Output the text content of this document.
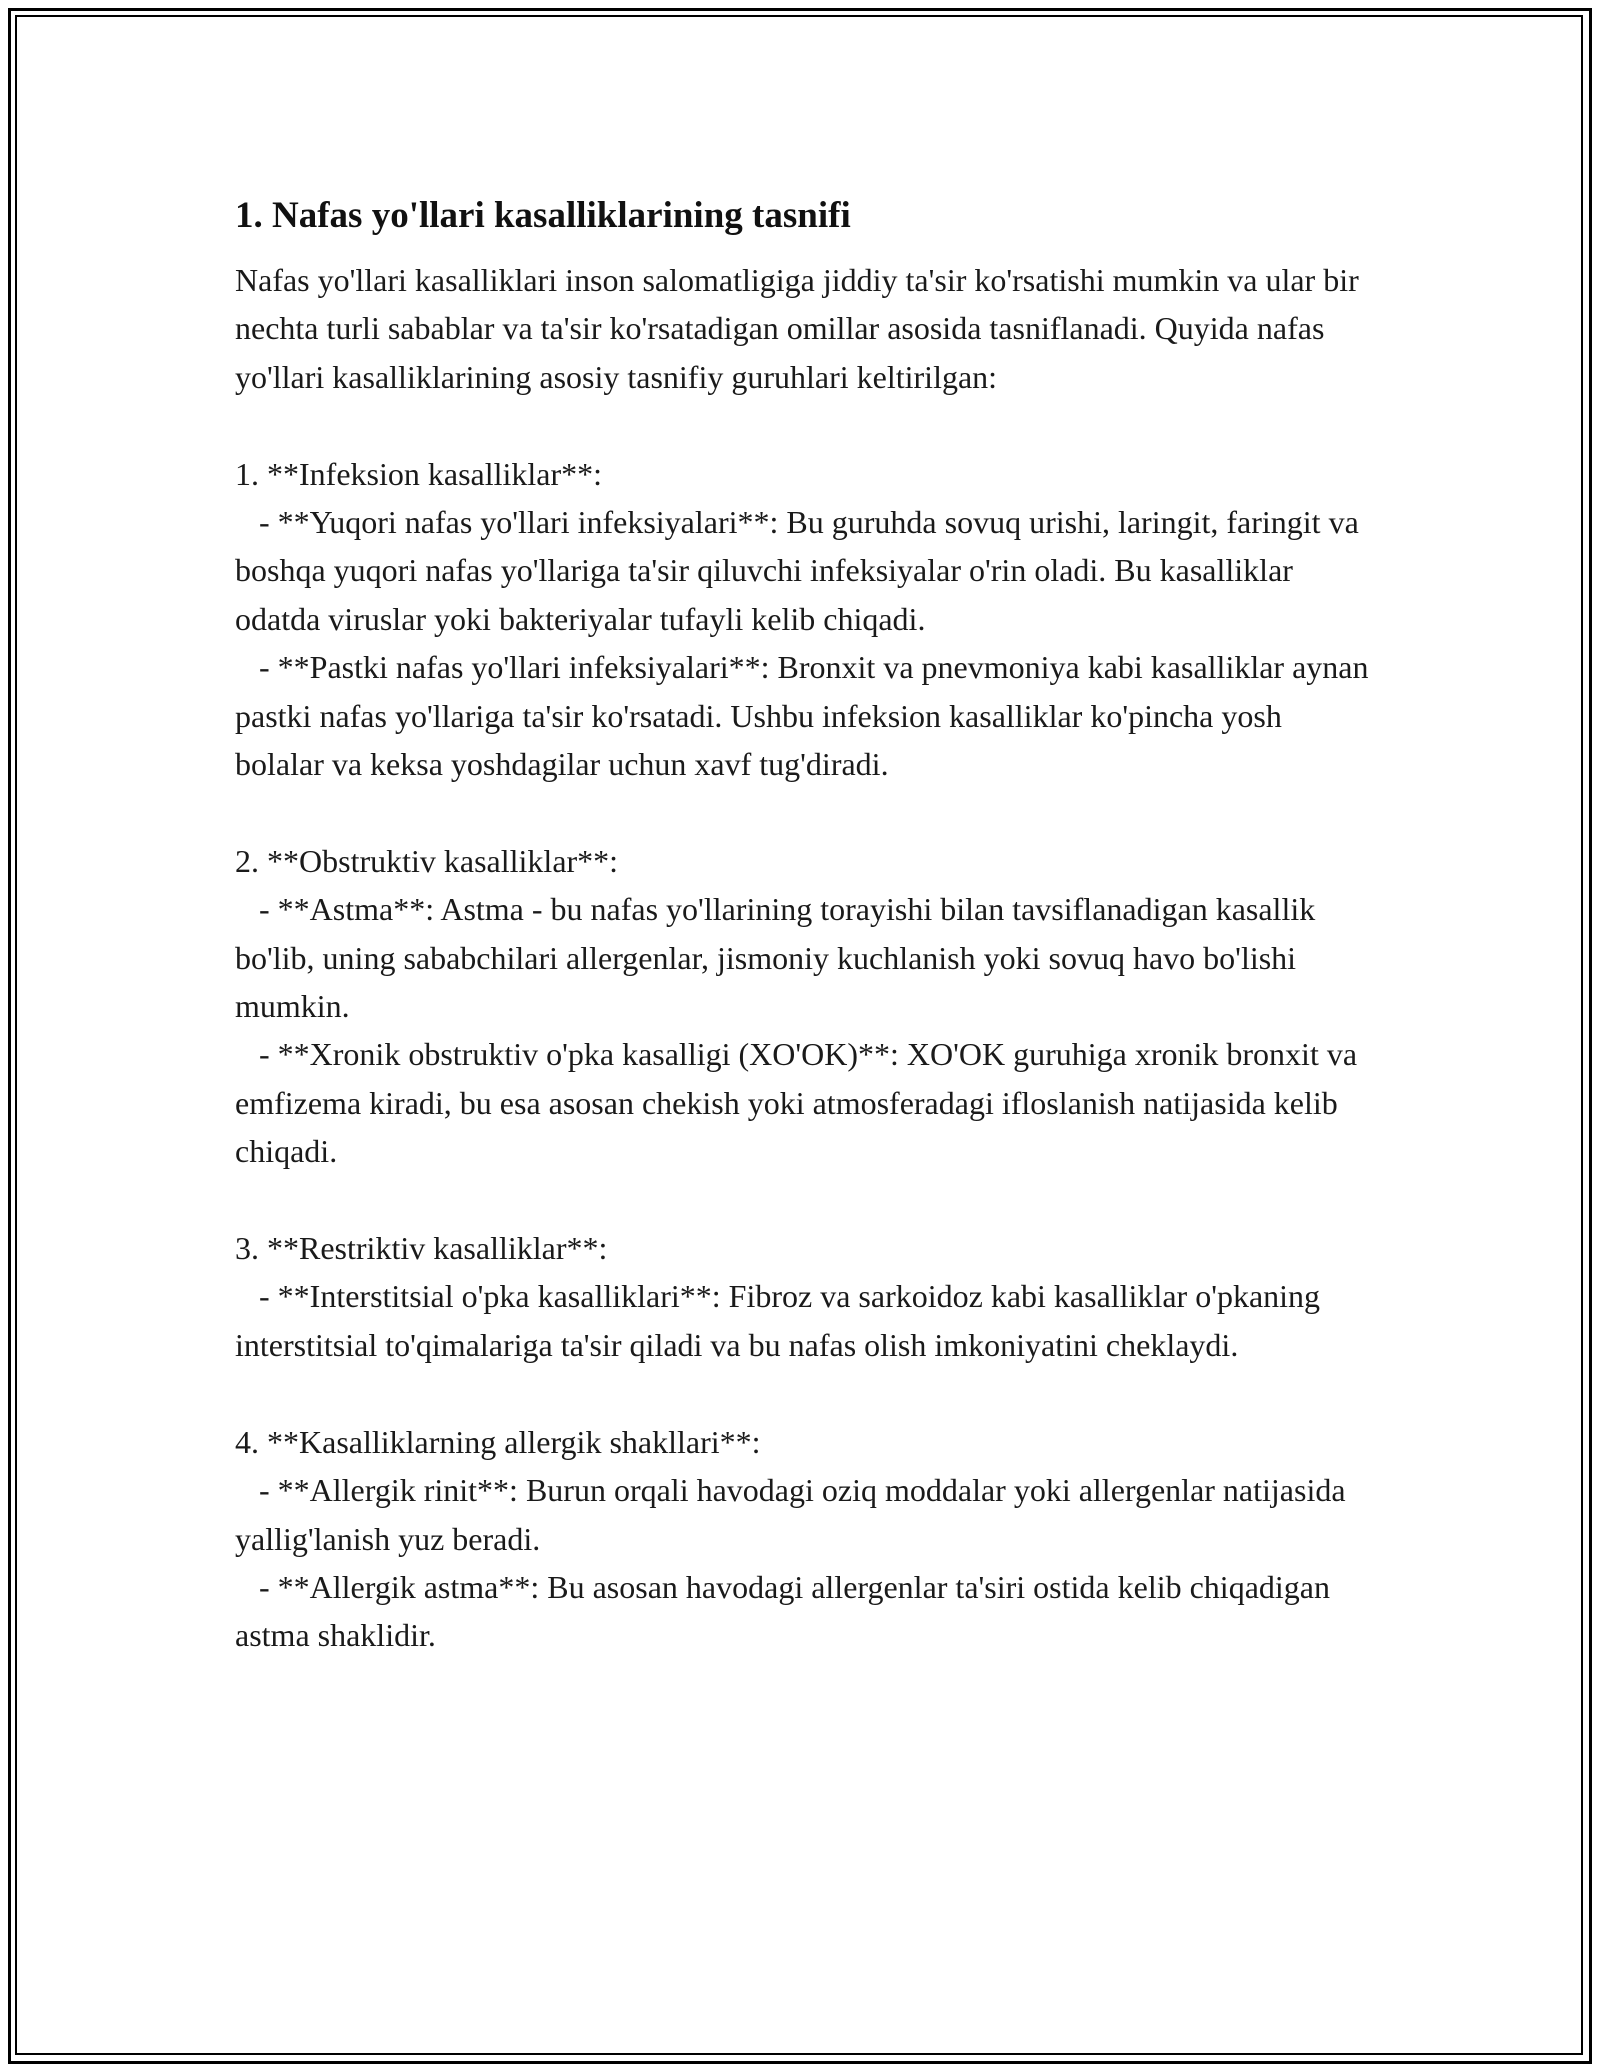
1. Nafas yo'llari kasalliklarining tasnifi

Nafas yo'llari kasalliklari inson salomatligiga jiddiy ta'sir ko'rsatishi mumkin va ular bir nechta turli sabablar va ta'sir ko'rsatadigan omillar asosida tasniflanadi. Quyida nafas yo'llari kasalliklarining asosiy tasnifiy guruhlari keltirilgan:

1. **Infeksion kasalliklar**:

- **Yuqori nafas yo'llari infeksiyalari**: Bu guruhda sovuq urishi, laringit, faringit va boshqa yuqori nafas yo'llariga ta'sir qiluvchi infeksiyalar o'rin oladi. Bu kasalliklar odatda viruslar yoki bakteriyalar tufayli kelib chiqadi.

- **Pastki nafas yo'llari infeksiyalari**: Bronxit va pnevmoniya kabi kasalliklar aynan pastki nafas yo'llariga ta'sir ko'rsatadi. Ushbu infeksion kasalliklar ko'pincha yosh bolalar va keksa yoshdagilar uchun xavf tug'diradi.

2. **Obstruktiv kasalliklar**:

- **Astma**: Astma - bu nafas yo'llarining torayishi bilan tavsiflanadigan kasallik bo'lib, uning sababchilari allergenlar, jismoniy kuchlanish yoki sovuq havo bo'lishi mumkin.

- **Xronik obstruktiv o'pka kasalligi (XO'OK)**: XO'OK guruhiga xronik bronxit va emfizema kiradi, bu esa asosan chekish yoki atmosferadagi ifloslanish natijasida kelib chiqadi.

3. **Restriktiv kasalliklar**:

- **Interstitsial o'pka kasalliklari**: Fibroz va sarkoidoz kabi kasalliklar o'pkaning interstitsial to'qimalariga ta'sir qiladi va bu nafas olish imkoniyatini cheklaydi.

4. **Kasalliklarning allergik shakllari**:

- **Allergik rinit**: Burun orqali havodagi oziq moddalar yoki allergenlar natijasida yallig'lanish yuz beradi.

- **Allergik astma**: Bu asosan havodagi allergenlar ta'siri ostida kelib chiqadigan astma shaklidir.
